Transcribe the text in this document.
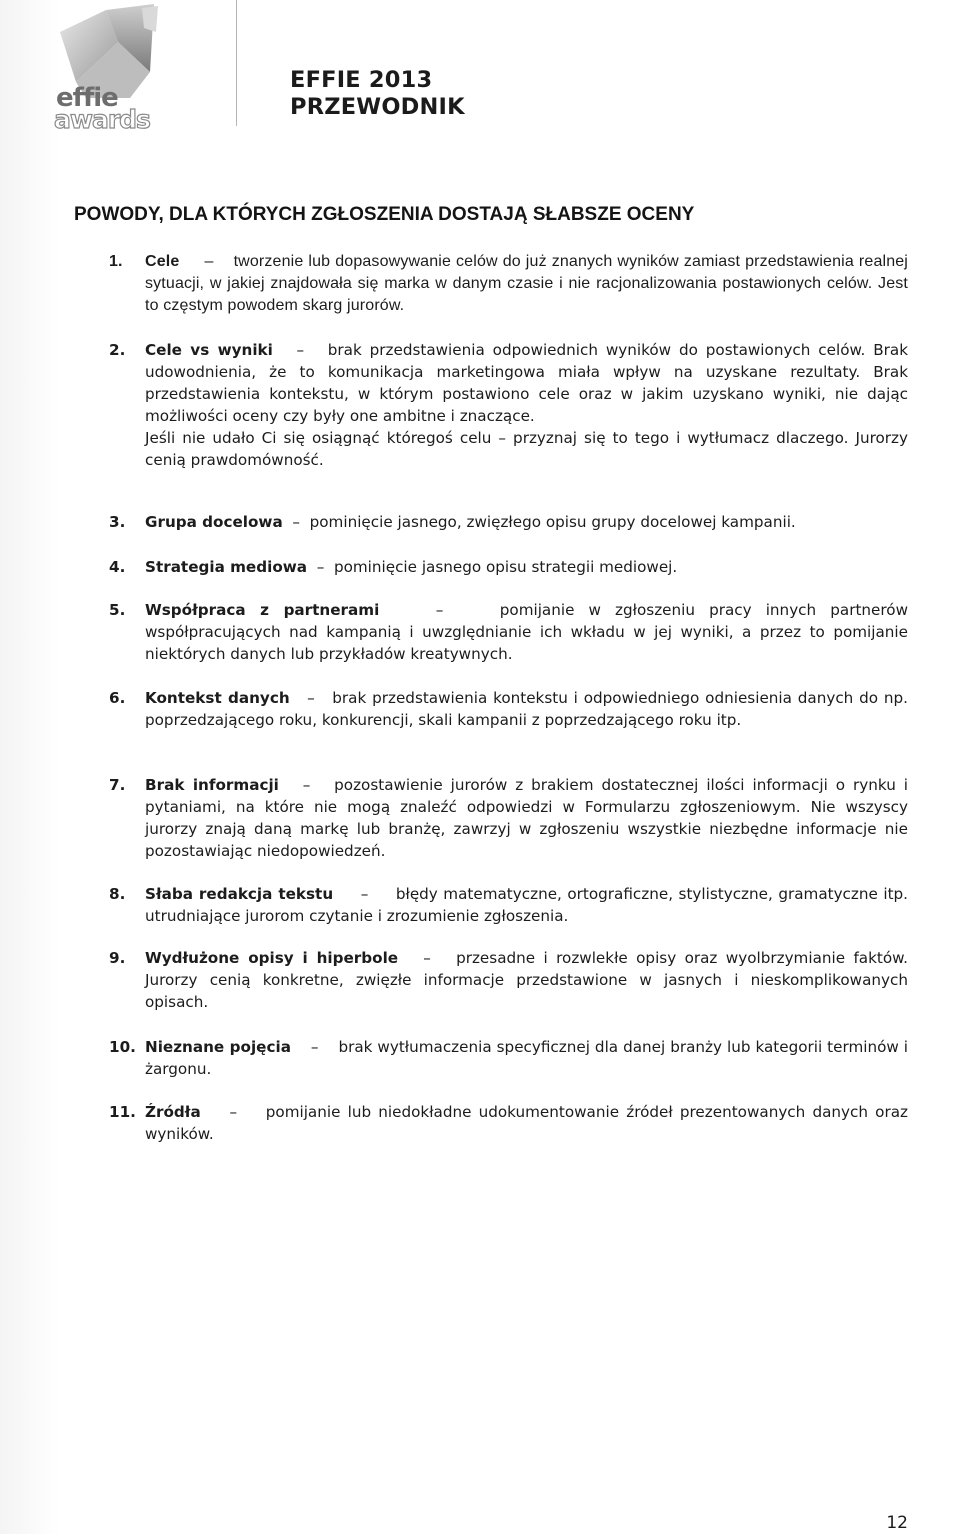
effie
awards
EFFIE 2013
PRZEWODNIK
POWODY, DLA KTÓRYCH ZGŁOSZENIA DOSTAJĄ SŁABSZE OCENY
1. Cele – tworzenie lub dopasowywanie celów do już znanych wyników zamiast przedstawienia realnej sytuacji, w jakiej znajdowała się marka w danym czasie i nie racjonalizowania postawionych celów. Jest to częstym powodem skarg jurorów.

2. Cele vs wyniki – brak przedstawienia odpowiednich wyników do postawionych celów. Brak udowodnienia, że to komunikacja marketingowa miała wpływ na uzyskane rezultaty. Brak przedstawienia kontekstu, w którym postawiono cele oraz w jakim uzyskano wyniki, nie dając możliwości oceny czy były one ambitne i znaczące.

Jeśli nie udało Ci się osiągnąć któregoś celu – przyznaj się to tego i wytłumacz dlaczego. Jurorzy cenią prawdomówność.

3. Grupa docelowa – pominięcie jasnego, zwięzłego opisu grupy docelowej kampanii.

4. Strategia mediowa – pominięcie jasnego opisu strategii mediowej.

5. Współpraca z partnerami	–	pomijanie w zgłoszeniu pracy innych partnerów współpracujących nad kampanią i uwzględnianie ich wkładu w jej wyniki, a przez to pomijanie niektórych danych lub przykładów kreatywnych.

6. Kontekst danych – brak przedstawienia kontekstu i odpowiedniego odniesienia danych do np. poprzedzającego roku, konkurencji, skali kampanii z poprzedzającego roku itp.

7. Brak informacji – pozostawienie jurorów z brakiem dostatecznej ilości informacji o rynku i pytaniami, na które nie mogą znaleźć odpowiedzi w Formularzu zgłoszeniowym. Nie wszyscy jurorzy znają daną markę lub branżę, zawrzyj w zgłoszeniu wszystkie niezbędne informacje nie pozostawiając niedopowiedzeń.

8. Słaba redakcja tekstu – błędy matematyczne, ortograficzne, stylistyczne, gramatyczne itp. utrudniające jurorom czytanie i zrozumienie zgłoszenia.

9. Wydłużone opisy i hiperbole – przesadne i rozwlekłe opisy oraz wyolbrzymianie faktów. Jurorzy cenią konkretne, zwięzłe informacje przedstawione w jasnych i nieskomplikowanych opisach.

10. Nieznane pojęcia – brak wytłumaczenia specyficznej dla danej branży lub kategorii terminów i żargonu.

11. Źródła – pomijanie lub niedokładne udokumentowanie źródeł prezentowanych danych oraz wyników.

12
